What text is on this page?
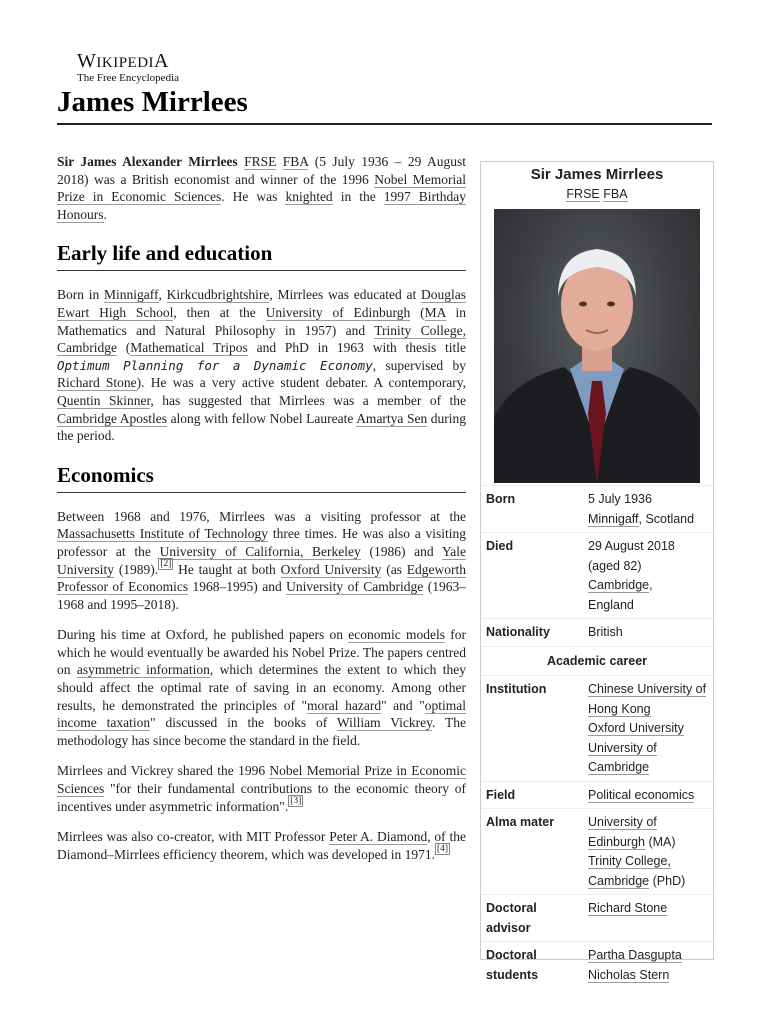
WIKIPEDIA
The Free Encyclopedia
James Mirrlees

Sir James Alexander Mirrlees FRSE FBA (5 July 1936 – 29 August 2018) was a British economist and winner of the 1996 Nobel Memorial Prize in Economic Sciences. He was knighted in the 1997 Birthday Honours.

Early life and education

Born in Minnigaff, Kirkcudbrightshire, Mirrlees was educated at Douglas Ewart High School, then at the University of Edinburgh (MA in Mathematics and Natural Philosophy in 1957) and Trinity College, Cambridge (Mathematical Tripos and PhD in 1963 with thesis title Optimum Planning for a Dynamic Economy, supervised by Richard Stone). He was a very active student debater. A contemporary, Quentin Skinner, has suggested that Mirrlees was a member of the Cambridge Apostles along with fellow Nobel Laureate Amartya Sen during the period.

Economics

Between 1968 and 1976, Mirrlees was a visiting professor at the Massachusetts Institute of Technology three times. He was also a visiting professor at the University of California, Berkeley (1986) and Yale University (1989). [2] He taught at both Oxford University (as Edgeworth Professor of Economics 1968–1995) and University of Cambridge (1963–1968 and 1995–2018).

During his time at Oxford, he published papers on economic models for which he would eventually be awarded his Nobel Prize. The papers centred on asymmetric information, which determines the extent to which they should affect the optimal rate of saving in an economy. Among other results, he demonstrated the principles of "moral hazard" and "optimal income taxation" discussed in the books of William Vickrey. The methodology has since become the standard in the field.

Mirrlees and Vickrey shared the 1996 Nobel Memorial Prize in Economic Sciences "for their fundamental contributions to the economic theory of incentives under asymmetric information". [3]

Mirrlees was also co-creator, with MIT Professor Peter A. Diamond, of the Diamond–Mirrlees efficiency theorem, which was developed in 1971. [4]

Sir James Mirrlees
FRSE FBA
Born	5 July 1936
Minnigaff, Scotland
Died	29 August 2018
(aged 82)
Cambridge,
England
Nationality	British
Academic career	
Institution	Chinese University of Hong Kong
Oxford University
University of Cambridge
Field	Political economics
Alma mater	University of Edinburgh (MA)
Trinity College, Cambridge (PhD)
Doctoral advisor	Richard Stone
Doctoral students	Partha Dasgupta
Nicholas Stern
